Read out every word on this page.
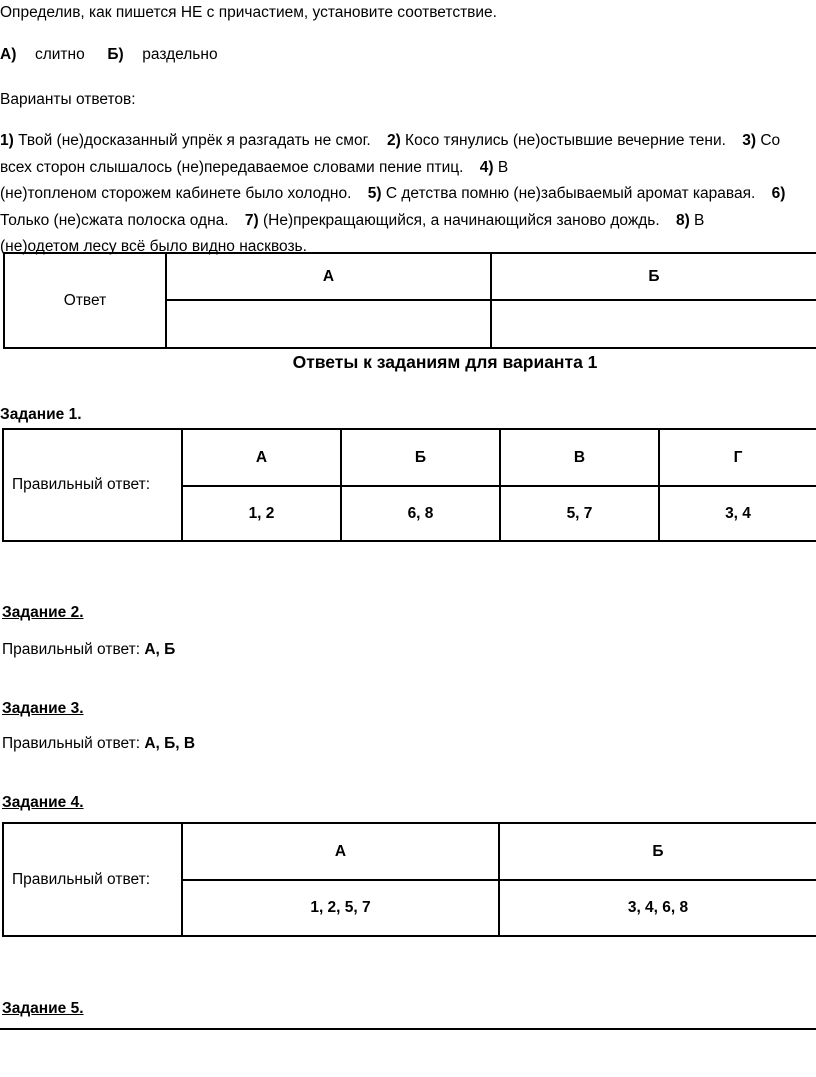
Определив, как пишется НЕ с причастием, установите соответствие.

А) слитно Б) раздельно

Варианты ответов:

1) Твой (не)досказанный упрёк я разгадать не смог. 2) Косо тянулись (не)остывшие вечерние тени. 3) Со
всех сторон слышалось (не)передаваемое словами пение птиц. 4) В
(не)топленом сторожем кабинете было холодно. 5) С детства помню (не)забываемый аромат каравая. 6)
Только (не)сжата полоска одна. 7) (Не)прекращающийся, а начинающийся заново дождь. 8) В
(не)одетом лесу всё было видно насквозь.
Ответ	А	Б

Ответы к заданиям для варианта 1

Задание 1.

Правильный ответ:	А	Б	В	Г
	1, 2	6, 8	5, 7	3, 4

Задание 2.

Правильный ответ: А, Б

Задание 3.

Правильный ответ: А, Б, В

Задание 4.

Правильный ответ:	А	Б
	1, 2, 5, 7	3, 4, 6, 8

Задание 5.
